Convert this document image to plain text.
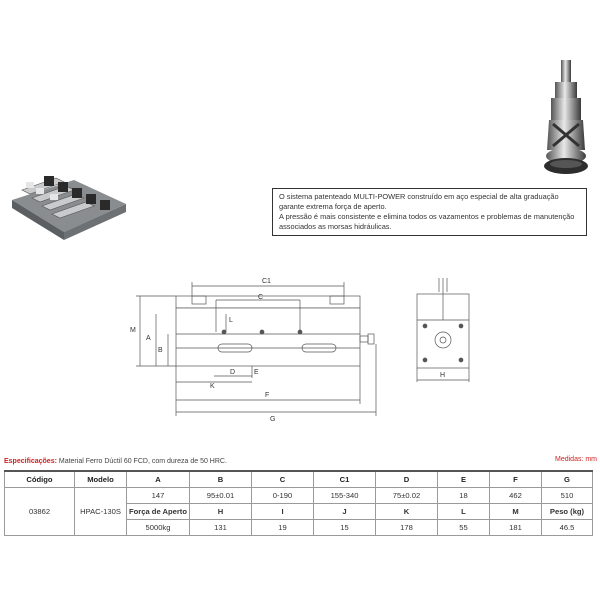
O sistema patenteado MULTI-POWER construído em aço especial de alta graduação garante extrema força de aperto.

A pressão é mais consistente e elimina todos os vazamentos e problemas de manutenção associados as morsas hidráulicas.

C1
C
L
M
A
B
D	E
K
F
G
H
Especificações: Material Ferro Dúctil 60 FCD, com dureza de 50 HRC.	Medidas: mm
Código	Modelo	A	B	C	C1	D	E	F	G
03862	HPAC-130S	147	95±0.01	0-190	155-340	75±0.02	18	462	510
		Força de Aperto	H	I	J	K	L	M	Peso (kg)
		5000kg	131	19	15	178	55	181	46.5
